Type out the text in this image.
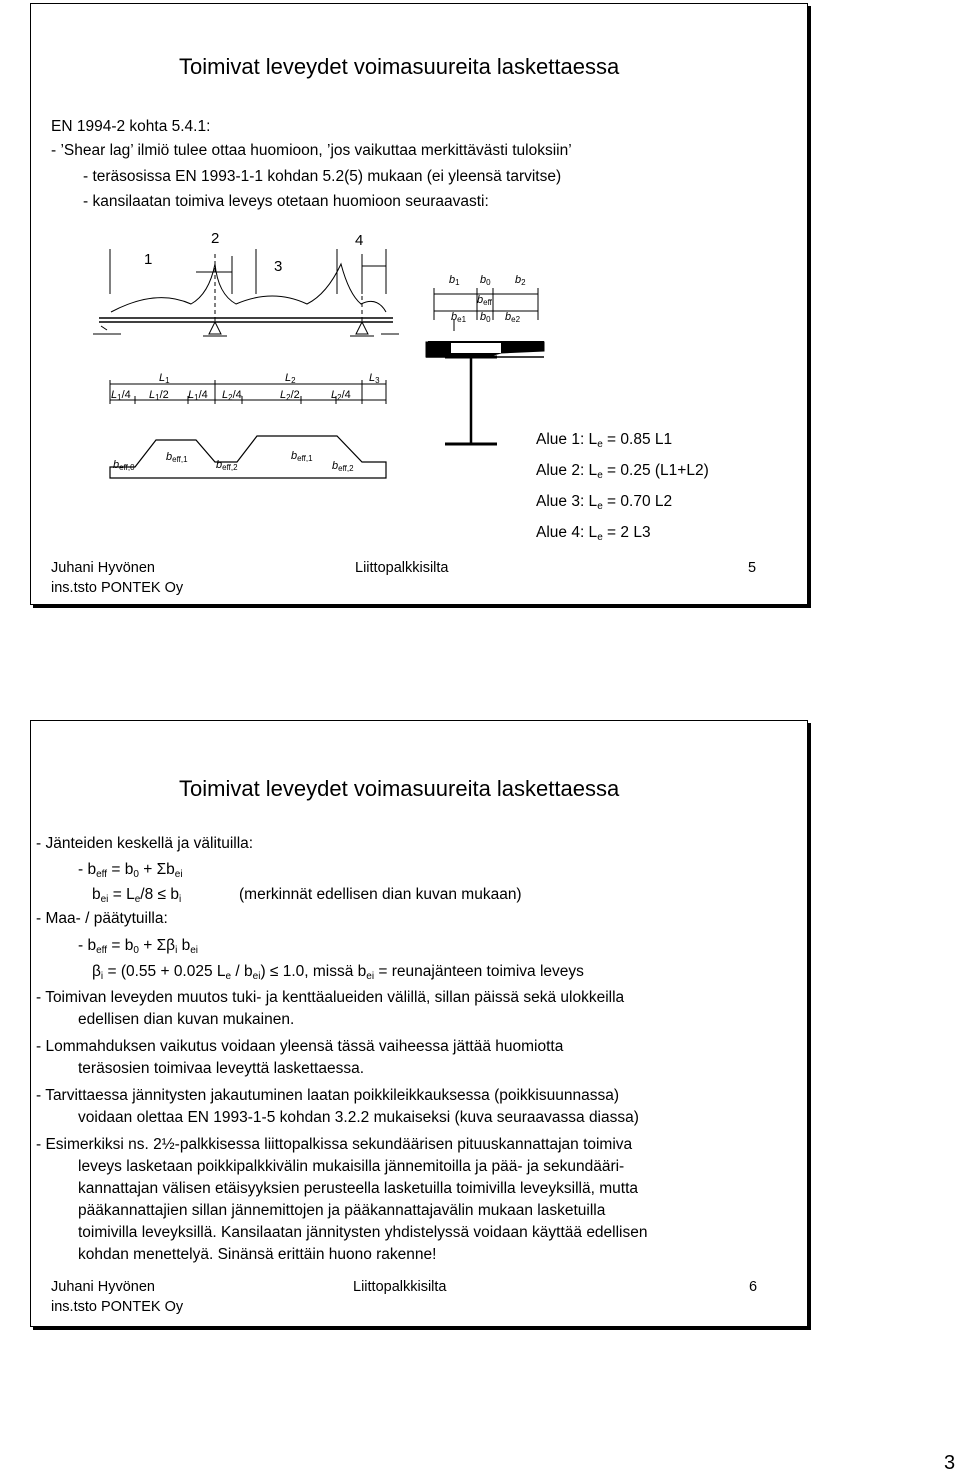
Toimivat leveydet voimasuureita laskettaessa
EN 1994-2 kohta 5.4.1:
- ’Shear lag’ ilmiö tulee ottaa huomioon, ’jos vaikuttaa merkittävästi tuloksiin’
- teräsosissa EN 1993-1-1 kohdan 5.2(5) mukaan (ei yleensä tarvitse)
- kansilaatan toimiva leveys otetaan huomioon seuraavasti:
1
2
3
4
$L_1$	$L_2$	$L_3$
$L_1/4$ $L_1/2$ $L_1/4$ $L_2/4$	$L_2/2$	$L_2/4$
$b_{eff,0}$
$b_{eff,1}$	$b_{eff,2}$
$b_{eff,1}$
$b_{eff,2}$
$b_1$ $b_0$ $b_2$
$b_{eff}$
$b_{e1}$ $b_0$ $b_{e2}$
Alue 1: $L_e = 0.85$ L1
Alue 2: $L_e = 0.25$ (L1+L2)
Alue 3: $L_e = 0.70$ L2
Alue 4: $L_e = 2$ L3
Juhani Hyvönen
ins.tsto PONTEK Oy
Liittopalkkisilta	5
Toimivat leveydet voimasuureita laskettaessa
- Jänteiden keskellä ja välituilla:
- $b_{eff} = b_0 + \Sigma b_{ei}$
$b_{ei} = L_e/8 \le b_i$	(merkinnät edellisen dian kuvan mukaan)
- Maa- / päätytuilla:
- $b_{eff} = b_0 + \Sigma\beta_i$ $b_{ei}$
$\beta_i = (0.55 + 0.025$ $L_e / b_{ei}) \le 1.0$, missä $b_{ei}$ = reunajänteen toimiva leveys
- Toimivan leveyden muutos tuki- ja kenttäalueiden välillä, sillan päissä sekä ulokkeilla
edellisen dian kuvan mukainen.
- Lommahduksen vaikutus voidaan yleensä tässä vaiheessa jättää huomiotta
teräsosien toimivaa leveyttä laskettaessa.
- Tarvittaessa jännitysten jakautuminen laatan poikkileikkauksessa (poikkisuunnassa)
voidaan olettaa EN 1993-1-5 kohdan 3.2.2 mukaiseksi (kuva seuraavassa diassa)
- Esimerkiksi ns. 2½-palkkisessa liittopalkissa sekundäärisen pituuskannattajan toimiva
leveys lasketaan poikkipalkkivälin mukaisilla jännemitoilla ja pää- ja sekundääri-
kannattajan välisen etäisyyksien perusteella lasketuilla toimivilla leveyksillä, mutta
pääkannattajien sillan jännemittojen ja pääkannattajavälin mukaan lasketuilla
toimivilla leveyksillä. Kansilaatan jännitysten yhdistelyssä voidaan käyttää edellisen
kohdan menettelyä. Sinänsä erittäin huono rakenne!
Juhani Hyvönen
ins.tsto PONTEK Oy
Liittopalkkisilta	6
3
